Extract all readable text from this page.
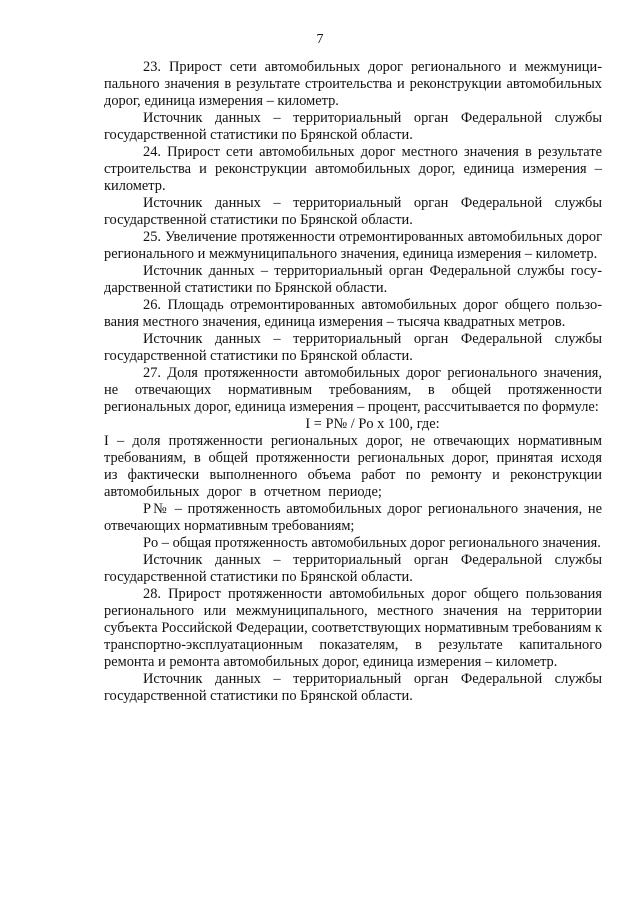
7

23. Прирост сети автомобильных дорог регионального и межмуниципального значения в результате строительства и реконструкции автомобильных дорог, единица измерения – километр.

Источник данных – территориальный орган Федеральной службы государственной статистики по Брянской области.

24. Прирост сети автомобильных дорог местного значения в результате строительства и реконструкции автомобильных дорог, единица измерения – километр.

Источник данных – территориальный орган Федеральной службы государственной статистики по Брянской области.

25. Увеличение протяженности отремонтированных автомобильных дорог регионального и межмуниципального значения, единица измерения – километр.

Источник данных – территориальный орган Федеральной службы государственной статистики по Брянской области.

26. Площадь отремонтированных автомобильных дорог общего пользования местного значения, единица измерения – тысяча квадратных метров.

Источник данных – территориальный орган Федеральной службы государственной статистики по Брянской области.

27. Доля протяженности автомобильных дорог регионального значения, не отвечающих нормативным требованиям, в общей протяженности региональных дорог, единица измерения – процент, рассчитывается по формуле:

I = P№ / Po x 100, где:

I – доля протяженности региональных дорог, не отвечающих нормативным требованиям, в общей протяженности региональных дорог, принятая исходя из фактически выполненного объема работ по ремонту и реконструкции автомобильных дорог в отчетном периоде;

P№ – протяженность автомобильных дорог регионального значения, не отвечающих нормативным требованиям;

Po – общая протяженность автомобильных дорог регионального значения.

Источник данных – территориальный орган Федеральной службы государственной статистики по Брянской области.

28. Прирост протяженности автомобильных дорог общего пользования регионального или межмуниципального, местного значения на территории субъекта Российской Федерации, соответствующих нормативным требованиям к транспортно-эксплуатационным показателям, в результате капитального ремонта и ремонта автомобильных дорог, единица измерения – километр.

Источник данных – территориальный орган Федеральной службы государственной статистики по Брянской области.
